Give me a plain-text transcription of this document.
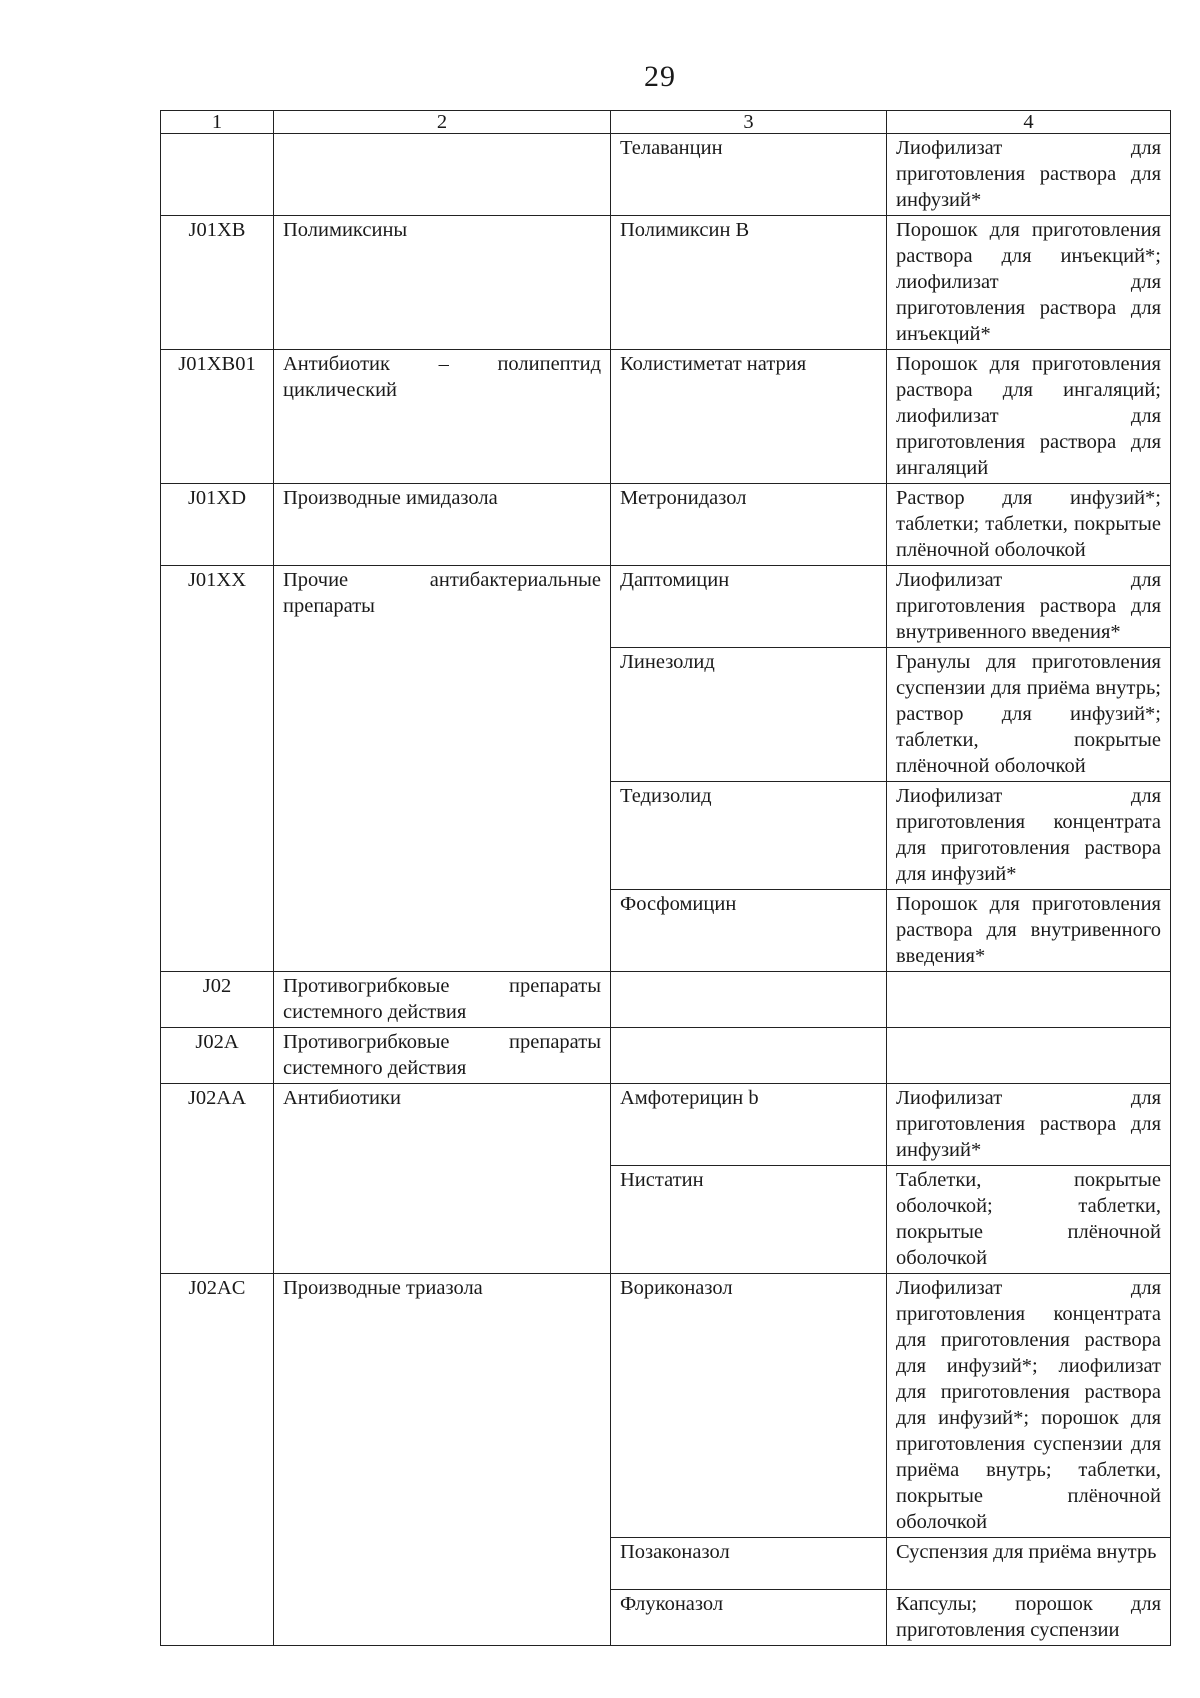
29
1	2	3	4
		Телаванцин	Лиофилизат для приготовления раствора для инфузий*
J01XB	Полимиксины	Полимиксин B	Порошок для приготовления раствора для инъекций*; лиофилизат для приготовления раствора для инъекций*
J01XB01	Антибиотик – полипептид циклический	Колистиметат натрия	Порошок для приготовления раствора для ингаляций; лиофилизат для приготовления раствора для ингаляций
J01XD	Производные имидазола	Метронидазол	Раствор для инфузий*; таблетки; таблетки, покрытые плёночной оболочкой
J01XX	Прочие антибактериальные препараты	Даптомицин	Лиофилизат для приготовления раствора для внутривенного введения*
		Линезолид	Гранулы для приготовления суспензии для приёма внутрь; раствор для инфузий*; таблетки, покрытые плёночной оболочкой
		Тедизолид	Лиофилизат для приготовления концентрата для приготовления раствора для инфузий*
		Фосфомицин	Порошок для приготовления раствора для внутривенного введения*
J02	Противогрибковые препараты системного действия		
J02A	Противогрибковые препараты системного действия		
J02AA	Антибиотики	Амфотерицин b	Лиофилизат для приготовления раствора для инфузий*
		Нистатин	Таблетки, покрытые оболочкой; таблетки, покрытые плёночной оболочкой
J02AC	Производные триазола	Вориконазол	Лиофилизат для приготовления концентрата для приготовления раствора для инфузий*; лиофилизат для приготовления раствора для инфузий*; порошок для приготовления суспензии для приёма внутрь; таблетки, покрытые плёночной оболочкой
		Позаконазол	Суспензия для приёма внутрь
		Флуконазол	Капсулы; порошок для приготовления суспензии
